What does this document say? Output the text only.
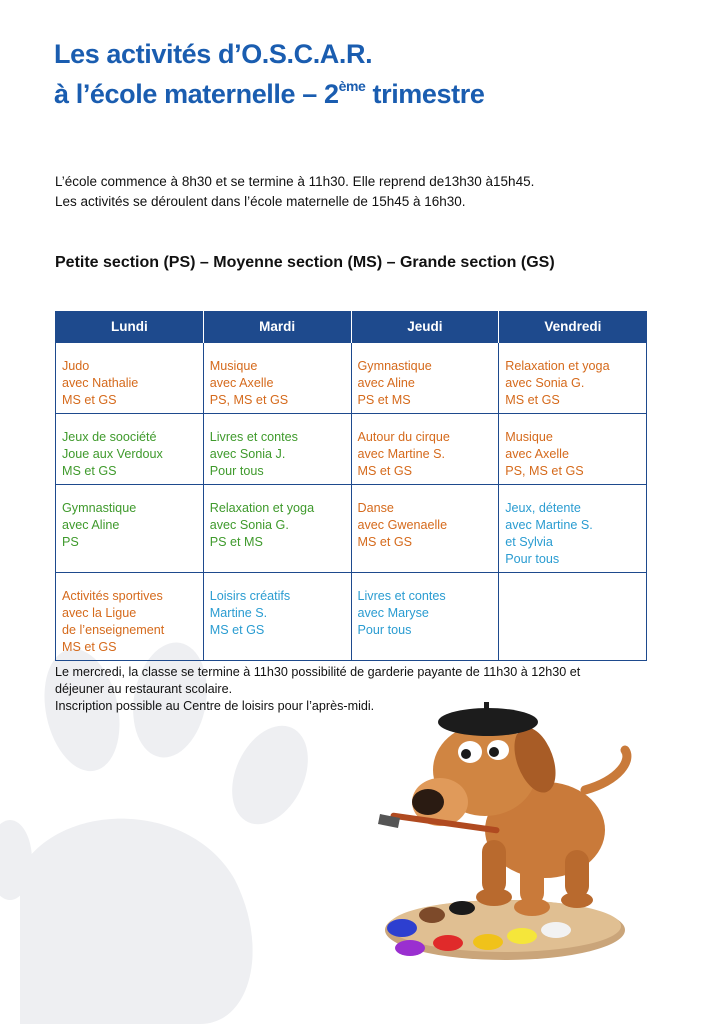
Les activités d’O.S.C.A.R.
à l’école maternelle – 2ème trimestre
L’école commence à 8h30 et se termine à 11h30. Elle reprend de13h30 à15h45.
Les activités se déroulent dans l’école maternelle de 15h45 à 16h30.
Petite section (PS) – Moyenne section (MS) – Grande section (GS)
Lundi	Mardi	Jeudi	Vendredi

Judo
avec Nathalie
MS et GS	Musique
avec Axelle
PS, MS et GS	Gymnastique
avec Aline
PS et MS	Relaxation et yoga
avec Sonia G.
MS et GS

Jeux de soociété
Joue aux Verdoux
MS et GS	Livres et contes
avec Sonia J.
Pour tous	Autour du cirque
avec Martine S.
MS et GS	Musique
avec Axelle
PS, MS et GS

Gymnastique
avec Aline
PS	Relaxation et yoga
avec Sonia G.
PS et MS	Danse
avec Gwenaelle
MS et GS	Jeux, détente
avec Martine S.
et Sylvia
Pour tous

Activités sportives
avec la Ligue
de l’enseignement
MS et GS	Loisirs créatifs
Martine S.
MS et GS	Livres et contes
avec Maryse
Pour tous	

Le mercredi, la classe se termine à 11h30 possibilité de garderie payante de 11h30 à 12h30 et
déjeuner au restaurant scolaire.
Inscription possible au Centre de loisirs pour l’après-midi.
